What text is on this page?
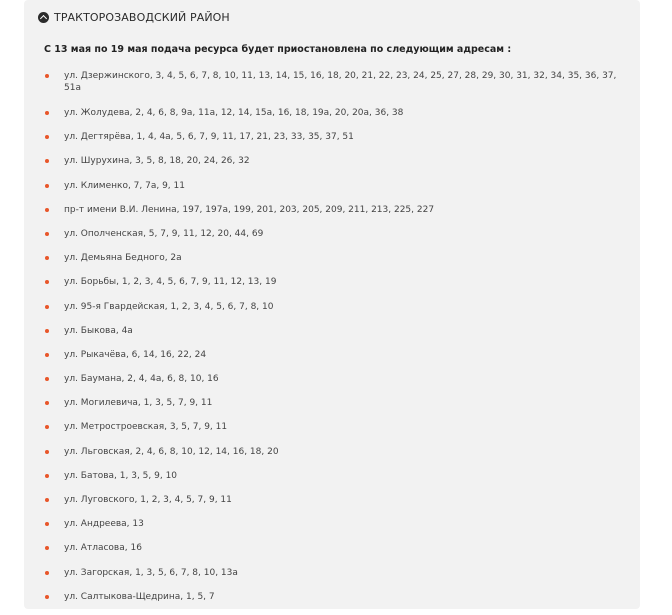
ТРАКТОРОЗАВОДСКИЙ РАЙОН
С 13 мая по 19 мая подача ресурса будет приостановлена по следующим адресам :
ул. Дзержинского, 3, 4, 5, 6, 7, 8, 10, 11, 13, 14, 15, 16, 18, 20, 21, 22, 23, 24, 25, 27, 28, 29, 30, 31, 32, 34, 35, 36, 37, 51а
ул. Жолудева, 2, 4, 6, 8, 9а, 11а, 12, 14, 15а, 16, 18, 19а, 20, 20а, 36, 38
ул. Дегтярёва, 1, 4, 4а, 5, 6, 7, 9, 11, 17, 21, 23, 33, 35, 37, 51
ул. Шурухина, 3, 5, 8, 18, 20, 24, 26, 32
ул. Клименко, 7, 7а, 9, 11
пр-т имени В.И. Ленина, 197, 197а, 199, 201, 203, 205, 209, 211, 213, 225, 227
ул. Ополченская, 5, 7, 9, 11, 12, 20, 44, 69
ул. Демьяна Бедного, 2а
ул. Борьбы, 1, 2, 3, 4, 5, 6, 7, 9, 11, 12, 13, 19
ул. 95-я Гвардейская, 1, 2, 3, 4, 5, 6, 7, 8, 10
ул. Быкова, 4а
ул. Рыкачёва, 6, 14, 16, 22, 24
ул. Баумана, 2, 4, 4а, 6, 8, 10, 16
ул. Могилевича, 1, 3, 5, 7, 9, 11
ул. Метростроевская, 3, 5, 7, 9, 11
ул. Льговская, 2, 4, 6, 8, 10, 12, 14, 16, 18, 20
ул. Батова, 1, 3, 5, 9, 10
ул. Луговского, 1, 2, 3, 4, 5, 7, 9, 11
ул. Андреева, 13
ул. Атласова, 16
ул. Загорская, 1, 3, 5, 6, 7, 8, 10, 13а
ул. Салтыкова-Щедрина, 1, 5, 7
